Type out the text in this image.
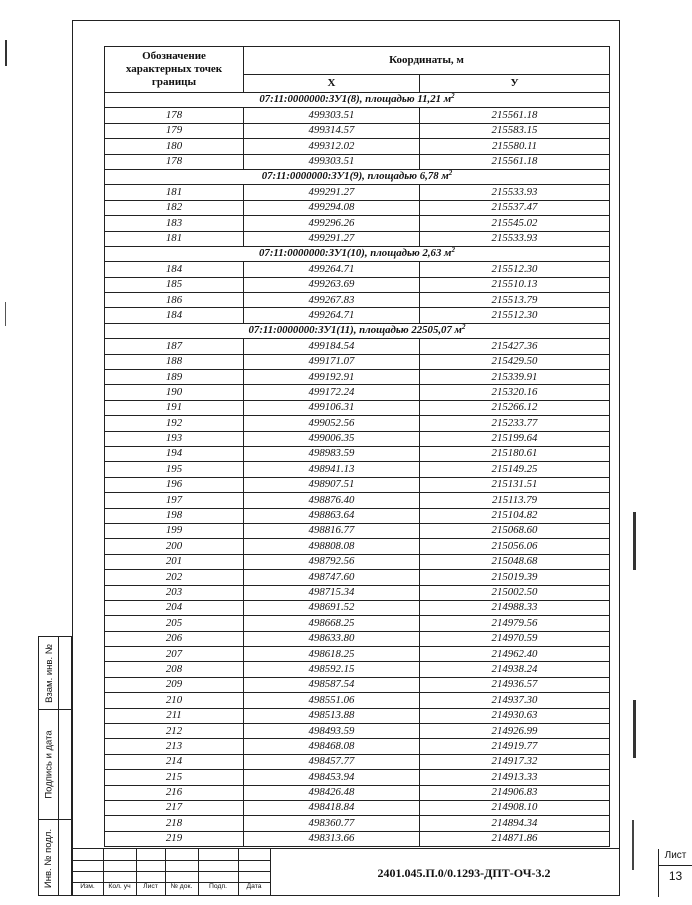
Обозначение
характерных точек
границы	Координаты, м	
	Х	У
07:11:0000000:ЗУ1(8), площадью 11,21 $м^2$
178	499303.51	215561.18
179	499314.57	215583.15
180	499312.02	215580.11
178	499303.51	215561.18
07:11:0000000:ЗУ1(9), площадью 6,78 $м^2$
181	499291.27	215533.93
182	499294.08	215537.47
183	499296.26	215545.02
181	499291.27	215533.93
07:11:0000000:ЗУ1(10), площадью 2,63 $м^2$
184	499264.71	215512.30
185	499263.69	215510.13
186	499267.83	215513.79
184	499264.71	215512.30
07:11:0000000:ЗУ1(11), площадью 22505,07 $м^2$
187	499184.54	215427.36
188	499171.07	215429.50
189	499192.91	215339.91
190	499172.24	215320.16
191	499106.31	215266.12
192	499052.56	215233.77
193	499006.35	215199.64
194	498983.59	215180.61
195	498941.13	215149.25
196	498907.51	215131.51
197	498876.40	215113.79
198	498863.64	215104.82
199	498816.77	215068.60
200	498808.08	215056.06
201	498792.56	215048.68
202	498747.60	215019.39
203	498715.34	215002.50
204	498691.52	214988.33
205	498668.25	214979.56
206	498633.80	214970.59
207	498618.25	214962.40
208	498592.15	214938.24
209	498587.54	214936.57
210	498551.06	214937.30
211	498513.88	214930.63
212	498493.59	214926.99
213	498468.08	214919.77
214	498457.77	214917.32
215	498453.94	214913.33
216	498426.48	214906.83
217	498418.84	214908.10
218	498360.77	214894.34
219	498313.66	214871.86
Взам. инв. №
Подпись и дата
Инв. № подл.	Изм.	Кол. уч	Лист	№ док.	Подп.	Дата
2401.045.П.0/0.1293-ДПТ-ОЧ-3.2
Лист
13
